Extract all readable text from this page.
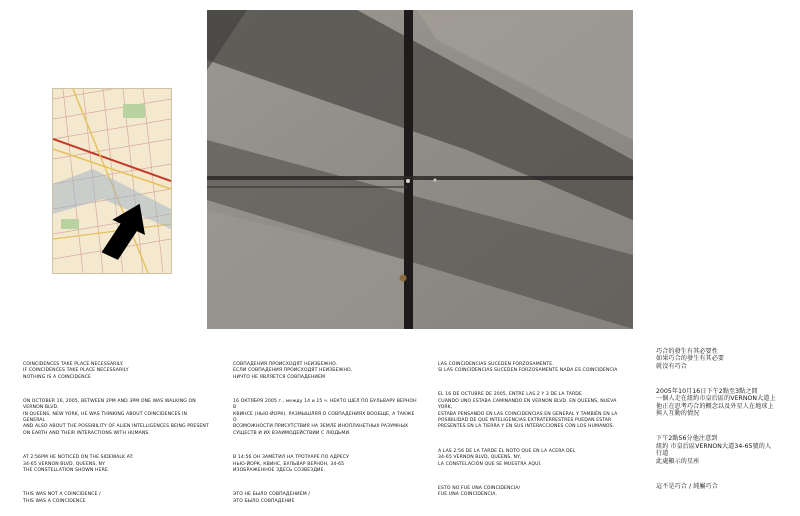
COINCIDENCES TAKE PLACE NECESSARILY.
IF COINCIDENCES TAKE PLACE NECESSARILY
NOTHING IS A COINCIDENCE

ON OCTOBER 16, 2005, BETWEEN 2PM AND 3PM ONE WAS WALKING ON VERNON BLVD.
IN QUEENS, NEW YORK, HE WAS THINKING ABOUT COINCIDENCES IN GENERAL
AND ALSO ABOUT THE POSSIBILITY OF ALIEN INTELLIGENCES BEING PRESENT
ON EARTH AND THEIR INTERACTIONS WITH HUMANS.

AT 2:56PM HE NOTICED ON THE SIDEWALK AT:
34-65 VERNON BLVD, QUEENS, NY
THE CONSTELLATION SHOWN HERE.

THIS WAS NOT A COINCIDENCE /
THIS WAS A COINCIDENCE

СОВПАДЕНИЯ ПРОИСХОДЯТ НЕИЗБЕЖНО.
ЕСЛИ СОВПАДЕНИЯ ПРОИСХОДЯТ НЕИЗБЕЖНО,
НИЧТО НЕ ЯВЛЯЕТСЯ СОВПАДЕНИЕМ

16 ОКТЯБРЯ 2005 г., между 14 и 15 ч. НЕКТО ШЕЛ ПО БУЛЬВАРУ ВЕРНОН В
КВИНСЕ (НЬЮ-ЙОРК). РАЗМЫШЛЯЯ О СОВПАДЕНИЯХ ВООБЩЕ, А ТАКЖЕ О
ВОЗМОЖНОСТИ ПРИСУТСТВИЯ НА ЗЕМЛЕ ИНОПЛАНЕТНЫХ РАЗУМНЫХ
СУЩЕСТВ И ИХ ВЗАИМОДЕЙСТВИИ С ЛЮДЬМИ.

В 14:56 ОН ЗАМЕТИЛ НА ТРОТУАРЕ ПО АДРЕСУ
НЬЮ-ЙОРК, КВИНС, БУЛЬВАР ВЕРНОН, 34-65
ИЗОБРАЖЕННОЕ ЗДЕСЬ СОЗВЕЗДИЕ.

ЭТО НЕ БЫЛО СОВПАДЕНИЕМ /
ЭТО БЫЛО СОВПАДЕНИЕ

LAS COINCIDENCIAS SUCEDEN FORZOSAMENTE.
SI LAS COINCIDENCIAS SUCEDEN FORZOSAMENTE NADA ES COINCIDENCIA

EL 16 DE OCTUBRE DE 2005, ENTRE LAS 2 Y 3 DE LA TARDE
CUANDO UNO ESTABA CAMINANDO EN VERNON BLVD. EN QUEENS, NUEVA YORK,
ESTABA PENSANDO EN LAS COINCIDENCIAS EN GENERAL Y TAMBIÉN EN LA
POSIBILIDAD DE QUE INTELIGENCIAS EXTRATERRESTRES PUEDAN ESTAR
PRESENTES EN LA TIERRA Y EN SUS INTERACCIONES CON LOS HUMANOS.

A LAS 2:56 DE LA TARDE ÉL NOTÓ QUE EN LA ACERA DEL
34-65 VERNON BLVD, QUEENS, NY,
LA CONSTELACIÓN QUE SE MUESTRA AQUÍ.

ESTO NO FUE UNA COINCIDENCIA/
FUE UNA COINCIDENCIA.

巧合的發生有其必要性
如果巧合的發生有其必要
就沒有巧合

2005年10月16日下午2點至3點之間
一個人走在紐約市皇后區的VERNON大道上
他正在思考巧合的概念以及外星人在地球上
與人互動的情況

下午2點56分他注意到
紐約 市皇后區VERNON大道34-65號的人行道
此處顯示的星座

這不是巧合 / 純屬巧合
